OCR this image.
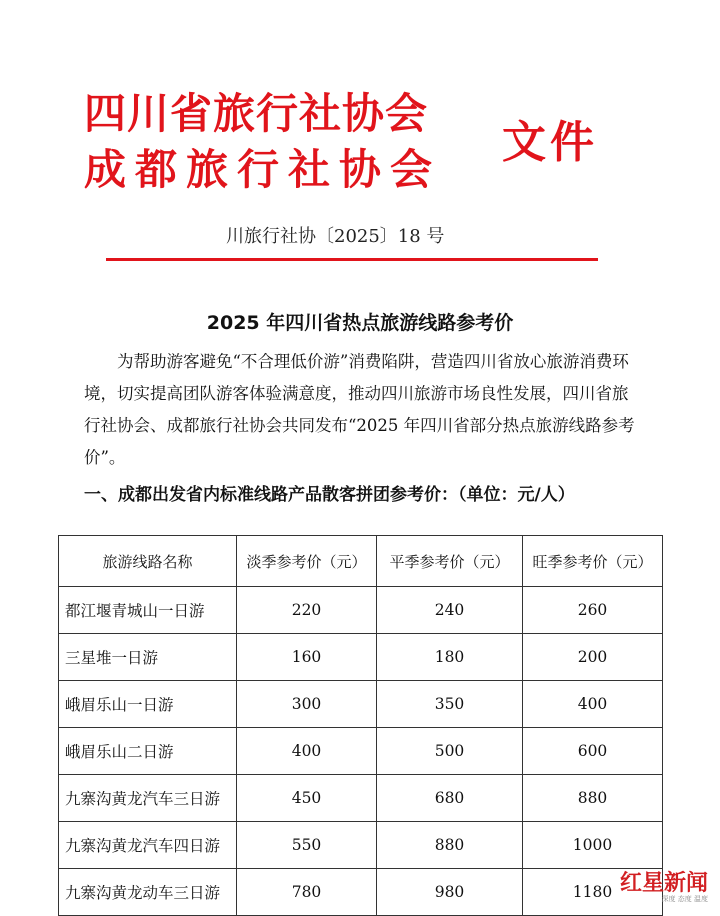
四川省旅行社协会
成都旅行社协会
文件
川旅行社协〔2025〕18 号
2025 年四川省热点旅游线路参考价

为帮助游客避免“不合理低价游”消费陷阱，营造四川省放心旅游消费环境，切实提高团队游客体验满意度，推动四川旅游市场良性发展，四川省旅行社协会、成都旅行社协会共同发布“2025 年四川省部分热点旅游线路参考价”。

一、成都出发省内标准线路产品散客拼团参考价：（单位：元/人）
旅游线路名称	淡季参考价（元）	平季参考价（元）	旺季参考价（元）
都江堰青城山一日游	220	240	260
三星堆一日游	160	180	200
峨眉乐山一日游	300	350	400
峨眉乐山二日游	400	500	600
九寨沟黄龙汽车三日游	450	680	880
九寨沟黄龙汽车四日游	550	880	1000
九寨沟黄龙动车三日游	780	980	1180 红星新闻
深度 态度 温度
